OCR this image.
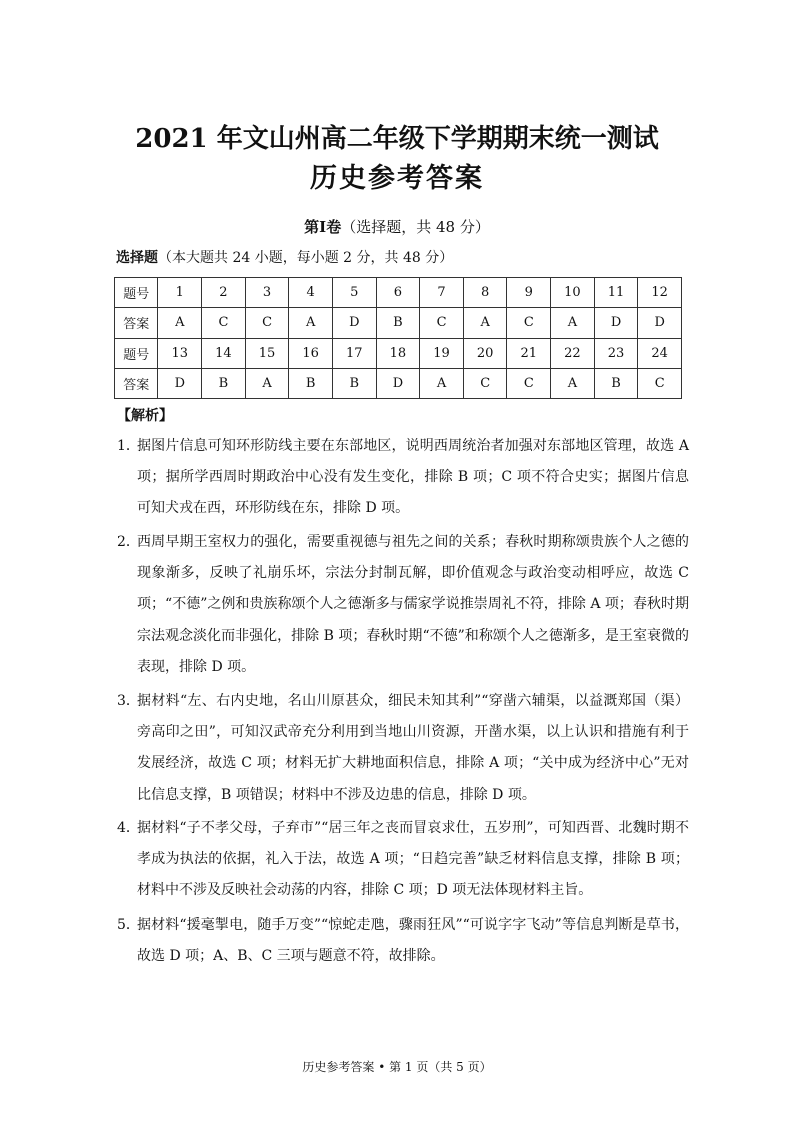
2021 年文山州高二年级下学期期末统一测试
历史参考答案
第Ⅰ卷（选择题，共 48 分）
选择题（本大题共 24 小题，每小题 2 分，共 48 分）
题号	1	2	3	4	5	6	7	8	9	10	11	12
答案	A	C	C	A	D	B	C	A	C	A	D	D
题号	13	14	15	16	17	18	19	20	21	22	23	24
答案	D	B	A	B	B	D	A	C	C	A	B	C
【解析】
1．
据图片信息可知环形防线主要在东部地区，说明西周统治者加强对东部地区管理，故选 A 项；据所学西周时期政治中心没有发生变化，排除 B 项；C 项不符合史实；据图片信息可知犬戎在西，环形防线在东，排除 D 项。
2．
西周早期王室权力的强化，需要重视德与祖先之间的关系；春秋时期称颂贵族个人之德的现象渐多，反映了礼崩乐坏，宗法分封制瓦解，即价值观念与政治变动相呼应，故选 C 项；“不德”之例和贵族称颂个人之德渐多与儒家学说推崇周礼不符，排除 A 项；春秋时期宗法观念淡化而非强化，排除 B 项；春秋时期“不德”和称颂个人之德渐多，是王室衰微的表现，排除 D 项。
3．
据材料“左、右内史地，名山川原甚众，细民未知其利”“穿凿六辅渠，以益溉郑国（渠）旁高印之田”，可知汉武帝充分利用到当地山川资源，开凿水渠，以上认识和措施有利于发展经济，故选 C 项；材料无扩大耕地面积信息，排除 A 项；“关中成为经济中心”无对比信息支撑，B 项错误；材料中不涉及边患的信息，排除 D 项。
4．
据材料“子不孝父母，子弃市”“居三年之丧而冒哀求仕，五岁刑”，可知西晋、北魏时期不孝成为执法的依据，礼入于法，故选 A 项；“日趋完善”缺乏材料信息支撑，排除 B 项；材料中不涉及反映社会动荡的内容，排除 C 项；D 项无法体现材料主旨。
5．
据材料“援毫掣电，随手万变”“惊蛇走虺，骤雨狂风”“可说字字飞动”等信息判断是草书，故选 D 项；A、B、C 三项与题意不符，故排除。
历史参考答案 • 第 1 页（共 5 页）
